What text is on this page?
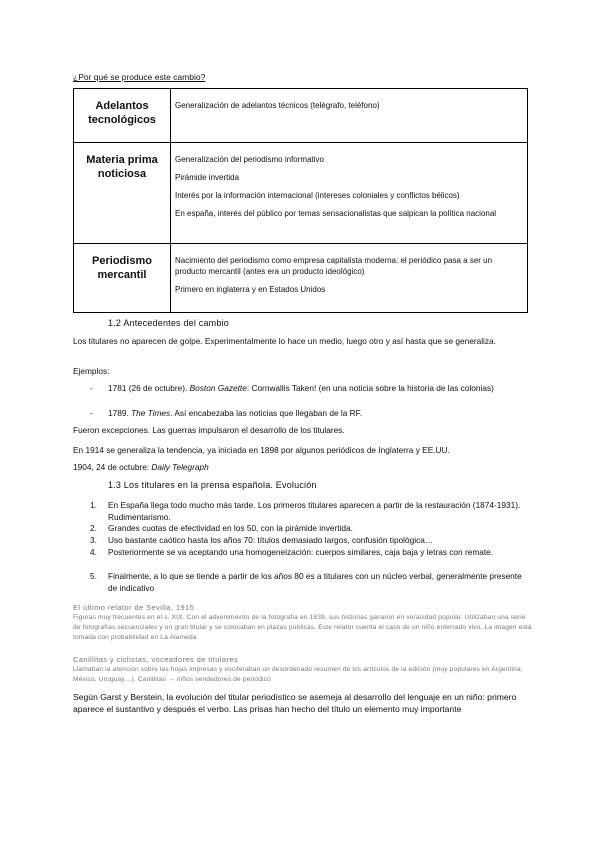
¿Por qué se produce este cambio?
Adelantos tecnológicos	Generalización de adelantos técnicos (telégrafo, teléfono)

Materia prima noticiosa	Generalización del periodismo informativo

Pirámide invertida

Interés por la información internacional (intereses coloniales y conflictos bélicos)

En españa, interés del público por temas sensacionalistas que salpican la política nacional

Periodismo mercantil	Nacimiento del periodismo como empresa capitalista moderna: el periódico pasa a ser un producto mercantil (antes era un producto ideológico)

Primero en inglaterra y en Estados Unidos

1.2 Antecedentes del cambio
Los titulares no aparecen de golpe. Experimentalmente lo hace un medio, luego otro y así hasta que se generaliza.
Ejemplos:
-	1781 (26 de octubre). Boston Gazette: Cornwallis Taken! (en una noticia sobre la historia de las colonias)
-	1789. The Times. Así encabezaba las noticias que llegaban de la RF.
Fueron excepciones. Las guerras impulsaron el desarrollo de los titulares.
En 1914 se generaliza la tendencia, ya iniciada en 1898 por algunos periódicos de Inglaterra y EE.UU.
1904, 24 de octubre: Daily Telegraph
1.3 Los titulares en la prensa española. Evolución
1.	En España llega todo mucho más tarde. Los primeros titulares aparecen a partir de la restauración (1874-1931). Rudimentarismo.
2.	Grandes cuotas de efectividad en los 50, con la pirámide invertida.
3.	Uso bastante caótico hasta los años 70: títulos demasiado largos, confusión tipológica…
4.	Posteriormente se va aceptando una homogeneización: cuerpos similares, caja baja y letras con remate.
5.	Finalmente, a lo que se tiende a partir de los años 80 es a titulares con un núcleo verbal, generalmente presente de indicativo
El último relator de Sevilla, 1915
Figuras muy frecuentes en el s. XIX. Con el advenimiento de la fotografía en 1839, sus historias ganaron en veracidad popular. Utilizaban una serie de fotografías secuenciales y un gran titular y se colocaban en plazas públicas. Este relator cuenta el caso de un niño enterrado vivo. La imagen está tomada con probabilidad en La Alameda
Canillitas y ciclistas, voceadores de titulares
Llamaban la atención sobre las hojas impresas y vociferaban un desordenado resumen de los artículos de la edición (muy populares en Argentina, México, Uruguay…). Canillitas → niños vendedores de periódico
Según Garst y Berstein, la evolución del titular periodístico se asemeja al desarrollo del lenguaje en un niño: primero aparece el sustantivo y después el verbo. Las prisas han hecho del título un elemento muy importante
